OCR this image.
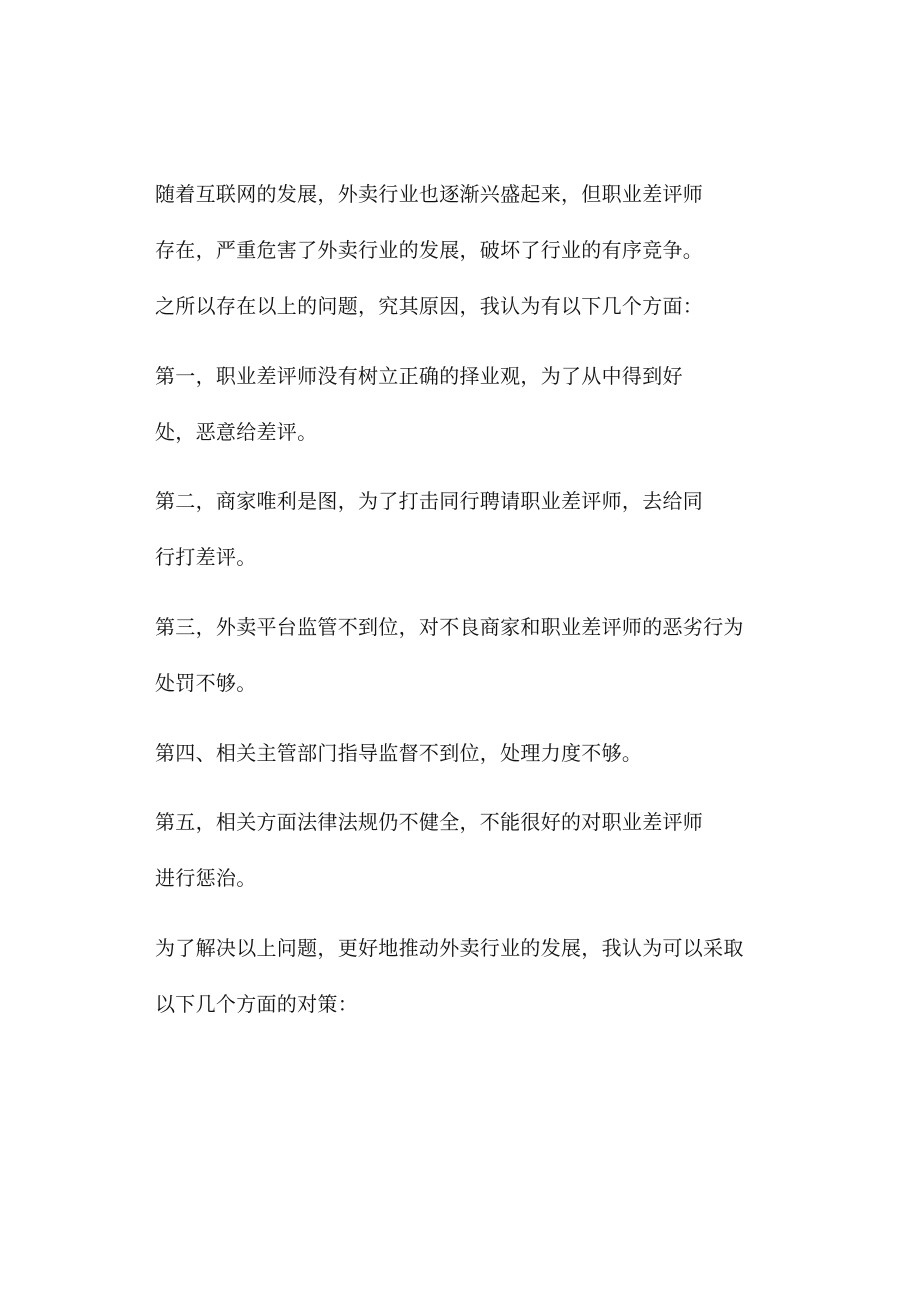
随着互联网的发展，外卖行业也逐渐兴盛起来，但职业差评师
存在，严重危害了外卖行业的发展，破坏了行业的有序竞争。
之所以存在以上的问题，究其原因，我认为有以下几个方面：
第一，职业差评师没有树立正确的择业观，为了从中得到好
处，恶意给差评。
第二，商家唯利是图，为了打击同行聘请职业差评师，去给同
行打差评。
第三，外卖平台监管不到位，对不良商家和职业差评师的恶劣行为
处罚不够。
第四、相关主管部门指导监督不到位，处理力度不够。
第五，相关方面法律法规仍不健全，不能很好的对职业差评师
进行惩治。
为了解决以上问题，更好地推动外卖行业的发展，我认为可以采取
以下几个方面的对策：
